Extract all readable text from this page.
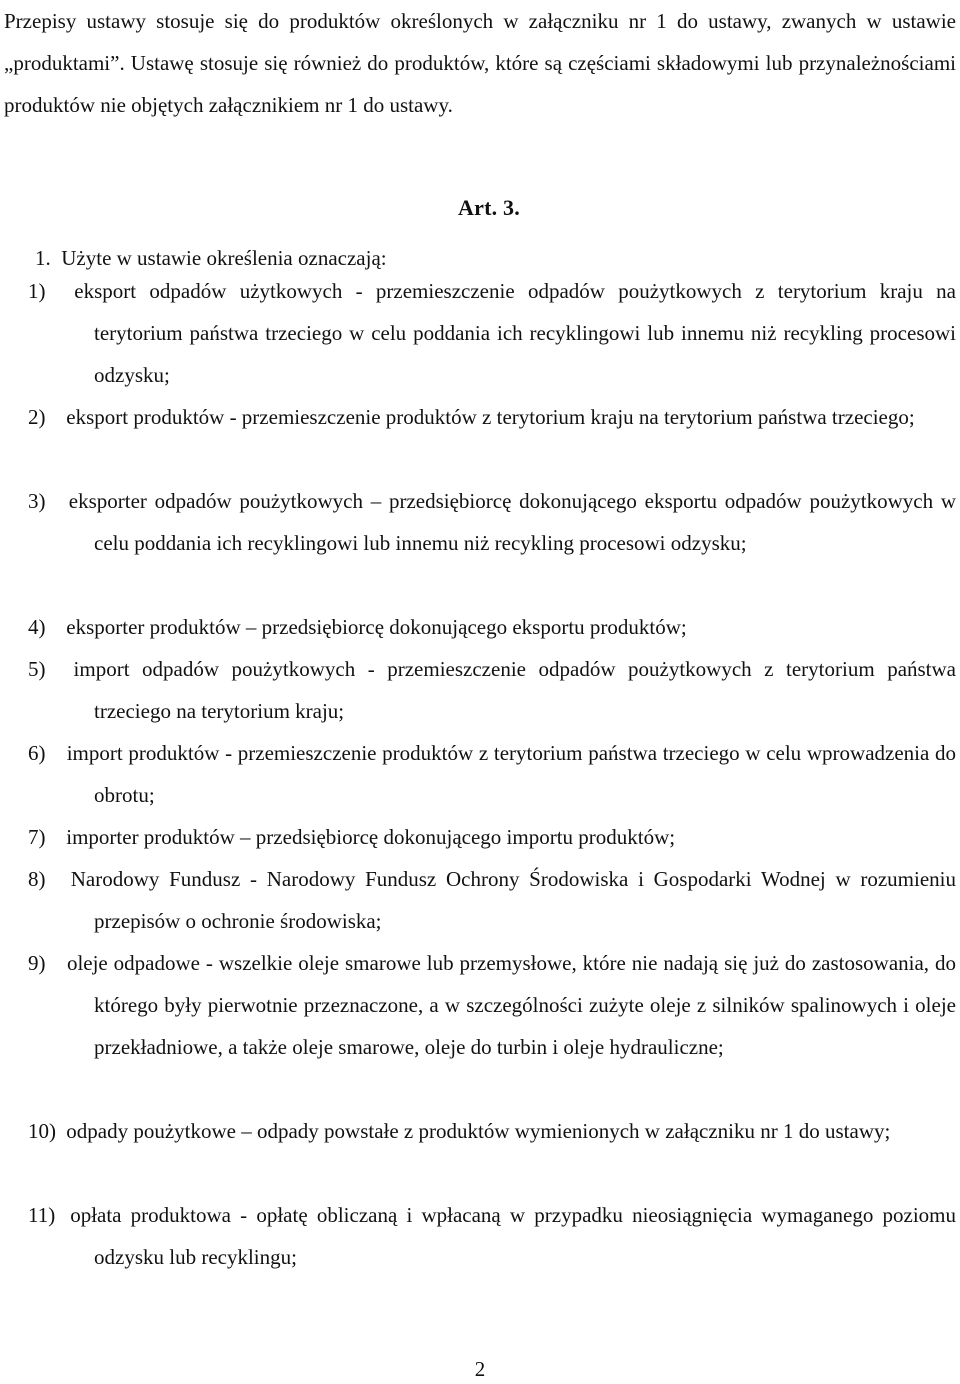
Przepisy ustawy stosuje się do produktów określonych w załączniku nr 1 do ustawy, zwanych w ustawie „produktami”. Ustawę stosuje się również do produktów, które są częściami składowymi lub przynależnościami produktów nie objętych załącznikiem nr 1 do ustawy.

Art. 3.
1.  Użyte w ustawie określenia oznaczają:
1) eksport odpadów użytkowych - przemieszczenie odpadów poużytkowych z terytorium kraju na terytorium państwa trzeciego w celu poddania ich recyklingowi lub innemu niż recykling procesowi odzysku;
2) eksport produktów - przemieszczenie produktów z terytorium kraju na terytorium państwa trzeciego;
3) eksporter odpadów poużytkowych – przedsiębiorcę dokonującego eksportu odpadów poużytkowych w celu poddania ich recyklingowi lub innemu niż recykling procesowi odzysku;
4) eksporter produktów – przedsiębiorcę dokonującego eksportu produktów;
5) import odpadów poużytkowych - przemieszczenie odpadów poużytkowych z terytorium państwa trzeciego na terytorium kraju;
6) import produktów - przemieszczenie produktów z terytorium państwa trzeciego w celu wprowadzenia do obrotu;
7) importer produktów – przedsiębiorcę dokonującego importu produktów;
8) Narodowy Fundusz - Narodowy Fundusz Ochrony Środowiska i Gospodarki Wodnej w rozumieniu przepisów o ochronie środowiska;
9) oleje odpadowe - wszelkie oleje smarowe lub przemysłowe, które nie nadają się już do zastosowania, do którego były pierwotnie przeznaczone, a w szczególności zużyte oleje z silników spalinowych i oleje przekładniowe, a także oleje smarowe, oleje do turbin i oleje hydrauliczne;
10) odpady poużytkowe – odpady powstałe z produktów wymienionych w załączniku nr 1 do ustawy;
11) opłata produktowa - opłatę obliczaną i wpłacaną w przypadku nieosiągnięcia wymaganego poziomu odzysku lub recyklingu;
2
